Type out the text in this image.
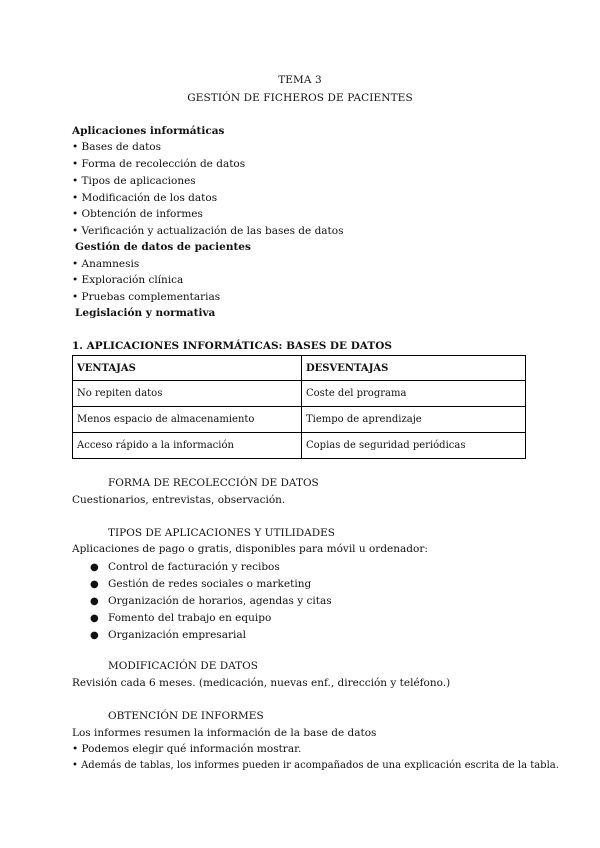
TEMA 3
GESTIÓN DE FICHEROS DE PACIENTES
Aplicaciones informáticas
• Bases de datos
• Forma de recolección de datos
• Tipos de aplicaciones
• Modificación de los datos
• Obtención de informes
• Verificación y actualización de las bases de datos
Gestión de datos de pacientes
• Anamnesis
• Exploración clínica
• Pruebas complementarias
Legislación y normativa
1. APLICACIONES INFORMÁTICAS: BASES DE DATOS
VENTAJAS	DESVENTAJAS
No repiten datos	Coste del programa
Menos espacio de almacenamiento	Tiempo de aprendizaje
Acceso rápido a la información	Copias de seguridad periódicas
FORMA DE RECOLECCIÓN DE DATOS
Cuestionarios, entrevistas, observación.
TIPOS DE APLICACIONES Y UTILIDADES
Aplicaciones de pago o gratis, disponibles para móvil u ordenador:
● Control de facturación y recibos
● Gestión de redes sociales o marketing
● Organización de horarios, agendas y citas
● Fomento del trabajo en equipo
● Organización empresarial
MODIFICACIÓN DE DATOS
Revisión cada 6 meses. (medicación, nuevas enf., dirección y teléfono.)
OBTENCIÓN DE INFORMES
Los informes resumen la información de la base de datos
• Podemos elegir qué información mostrar.
• Además de tablas, los informes pueden ir acompañados de una explicación escrita de la tabla.
